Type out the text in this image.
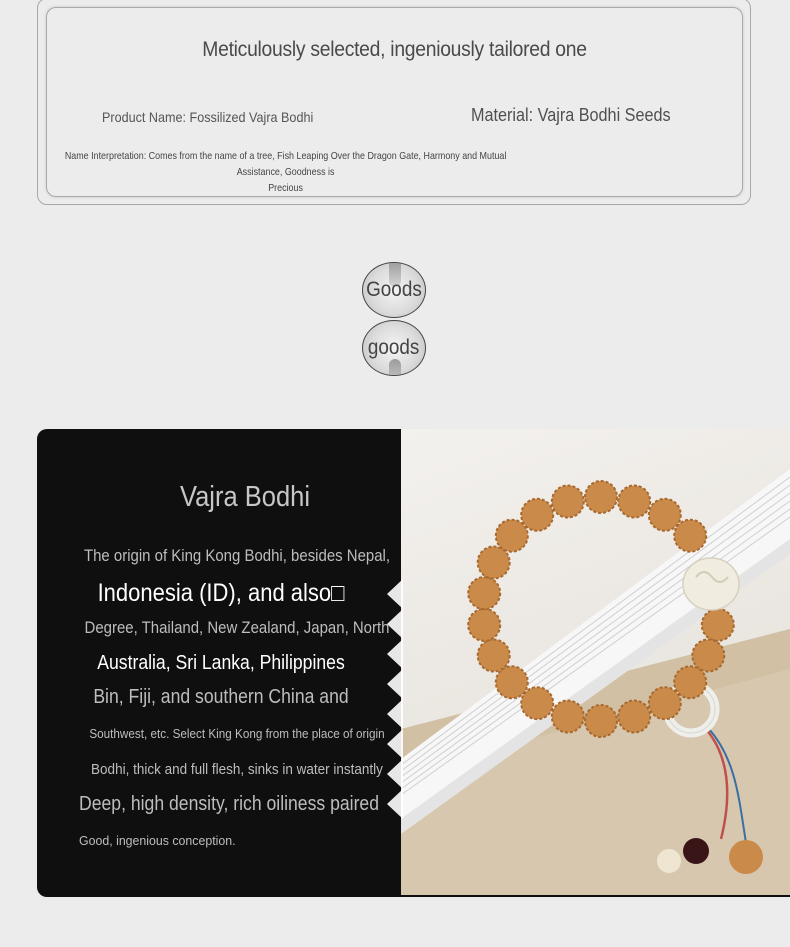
Meticulously selected, ingeniously tailored one
Product Name: Fossilized Vajra Bodhi	Material: Vajra Bodhi Seeds
Name Interpretation: Comes from the name of a tree, Fish Leaping Over the Dragon Gate, Harmony and Mutual Assistance, Goodness is
Precious
Goods
goods
Vajra Bodhi
The origin of King Kong Bodhi, besides Nepal,
Indonesia (ID), and also□
Degree, Thailand, New Zealand, Japan, North
Australia, Sri Lanka, Philippines
Bin, Fiji, and southern China and
Southwest, etc. Select King Kong from the place of origin
Bodhi, thick and full flesh, sinks in water instantly
Deep, high density, rich oiliness paired
Good, ingenious conception.
